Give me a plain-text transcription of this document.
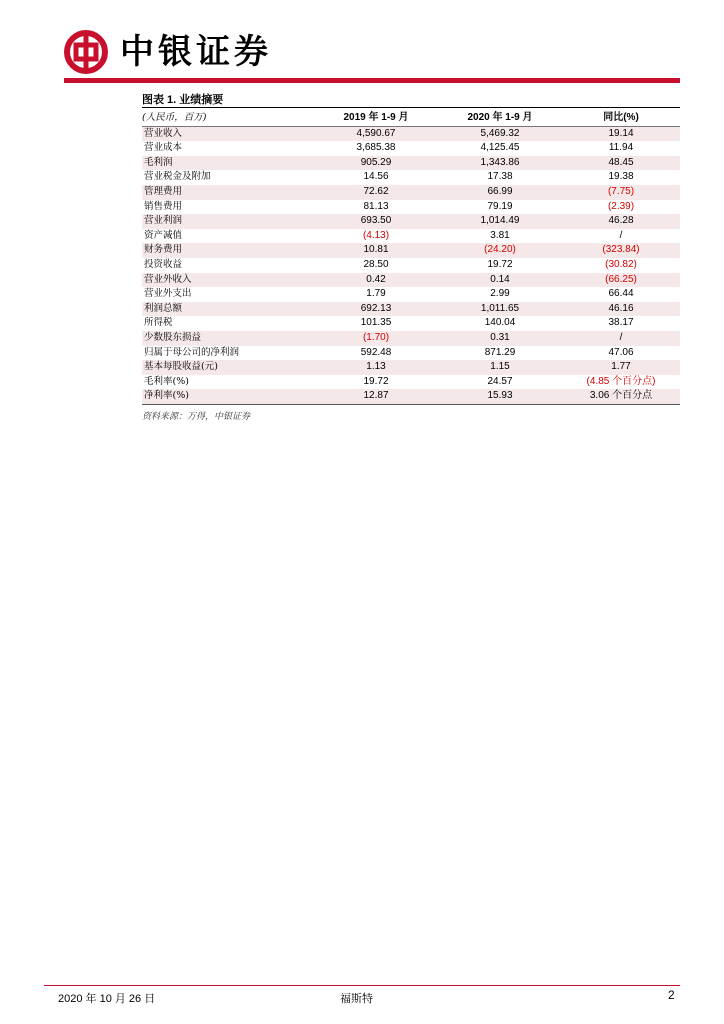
中银证券
图表 1. 业绩摘要
(人民币，百万)	2019 年 1-9 月	2020 年 1-9 月	同比(%)
营业收入	4,590.67	5,469.32	19.14
营业成本	3,685.38	4,125.45	11.94
毛利润	905.29	1,343.86	48.45
营业税金及附加	14.56	17.38	19.38
管理费用	72.62	66.99	(7.75)
销售费用	81.13	79.19	(2.39)
营业利润	693.50	1,014.49	46.28
资产减值	(4.13)	3.81	/
财务费用	10.81	(24.20)	(323.84)
投资收益	28.50	19.72	(30.82)
营业外收入	0.42	0.14	(66.25)
营业外支出	1.79	2.99	66.44
利润总额	692.13	1,011.65	46.16
所得税	101.35	140.04	38.17
少数股东损益	(1.70)	0.31	/
归属于母公司的净利润	592.48	871.29	47.06
基本每股收益(元)	1.13	1.15	1.77
毛利率(%)	19.72	24.57	(4.85 个百分点)
净利率(%)	12.87	15.93	3.06 个百分点
资料来源：万得，中银证券
2020 年 10 月 26 日	福斯特	2
